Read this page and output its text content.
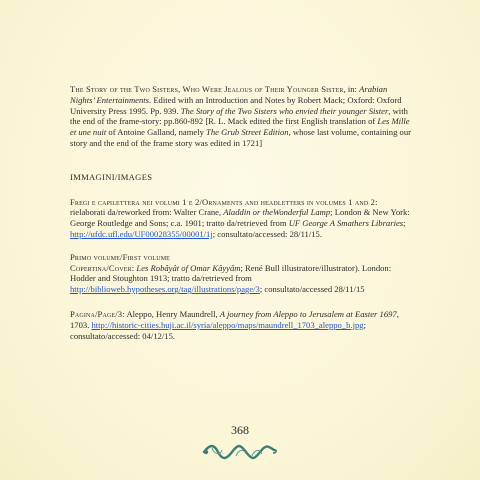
The Story of the Two Sisters, Who Were Jealous of Their Younger Sister, in: Arabian Nights’ Entertainments. Edited with an Introduction and Notes by Robert Mack; Oxford: Oxford University Press 1995. Pp. 939. The Story of the Two Sisters who envied their younger Sister, with the end of the frame-story: pp.860-892 [R. L. Mack edited the first English translation of Les Mille et une nuit of Antoine Galland, namely The Grub Street Edition, whose last volume, containing our story and the end of the frame story was edited in 1721]

IMMAGINI/IMAGES

Fregi e capilettera nei volumi 1 e 2/Ornaments and headletters in volumes 1 and 2: rielaborati da/reworked from: Walter Crane, Aladdin or theWonderful Lamp; London & New York: George Routledge and Sons; c.a. 1901; tratto da/retrieved from UF George A Smathers Libraries; http://ufdc.ufl.edu/UF00028355/00001/1j; consultato/accessed: 28/11/15.

Primo volume/First volume
Copertina/Cover: Les Robâyât of Omar Kâyyâm; René Bull illustratore/illustrator). London: Hodder and Stoughton 1913; tratto da/retrieved from http://biblioweb.hypotheses.org/tag/illustrations/page/3; consultato/accessed 28/11/15

Pagina/Page/3: Aleppo, Henry Maundrell, A journey from Aleppo to Jerusalem at Easter 1697, 1703. http://historic-cities.huji.ac.il/syria/aleppo/maps/maundrell_1703_aleppo_b.jpg; consultato/accessed: 04/12/15.

368
